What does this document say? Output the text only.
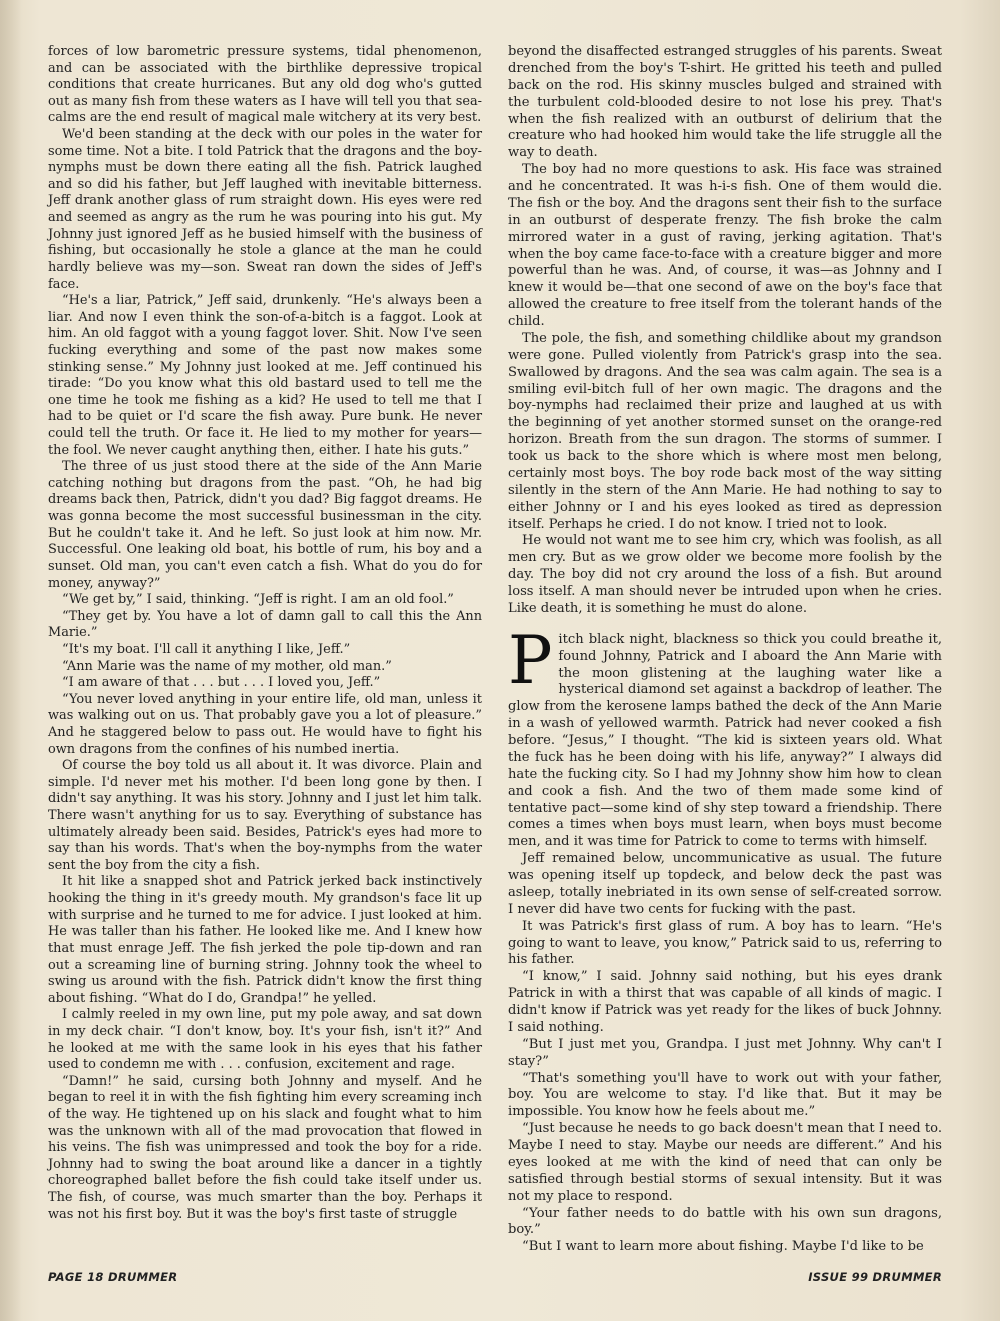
forces of low barometric pressure systems, tidal phenomenon, and can be associated with the birthlike depressive tropical conditions that create hurricanes. But any old dog who's gutted out as many fish from these waters as I have will tell you that sea-calms are the end result of magical male witchery at its very best.

We'd been standing at the deck with our poles in the water for some time. Not a bite. I told Patrick that the dragons and the boy-nymphs must be down there eating all the fish. Patrick laughed and so did his father, but Jeff laughed with inevitable bitterness. Jeff drank another glass of rum straight down. His eyes were red and seemed as angry as the rum he was pouring into his gut. My Johnny just ignored Jeff as he busied himself with the business of fishing, but occasionally he stole a glance at the man he could hardly believe was my—son. Sweat ran down the sides of Jeff's face.

“He's a liar, Patrick,” Jeff said, drunkenly. “He's always been a liar. And now I even think the son-of-a-bitch is a faggot. Look at him. An old faggot with a young faggot lover. Shit. Now I've seen fucking everything and some of the past now makes some stinking sense.” My Johnny just looked at me. Jeff continued his tirade: “Do you know what this old bastard used to tell me the one time he took me fishing as a kid? He used to tell me that I had to be quiet or I'd scare the fish away. Pure bunk. He never could tell the truth. Or face it. He lied to my mother for years—the fool. We never caught anything then, either. I hate his guts.”

The three of us just stood there at the side of the Ann Marie catching nothing but dragons from the past. “Oh, he had big dreams back then, Patrick, didn't you dad? Big faggot dreams. He was gonna become the most successful businessman in the city. But he couldn't take it. And he left. So just look at him now. Mr. Successful. One leaking old boat, his bottle of rum, his boy and a sunset. Old man, you can't even catch a fish. What do you do for money, anyway?”

“We get by,” I said, thinking. “Jeff is right. I am an old fool.”

“They get by. You have a lot of damn gall to call this the Ann Marie.”

“It's my boat. I'll call it anything I like, Jeff.”

“Ann Marie was the name of my mother, old man.”

“I am aware of that . . . but . . . I loved you, Jeff.”

“You never loved anything in your entire life, old man, unless it was walking out on us. That probably gave you a lot of pleasure.” And he staggered below to pass out. He would have to fight his own dragons from the confines of his numbed inertia.

Of course the boy told us all about it. It was divorce. Plain and simple. I'd never met his mother. I'd been long gone by then. I didn't say anything. It was his story. Johnny and I just let him talk. There wasn't anything for us to say. Everything of substance has ultimately already been said. Besides, Patrick's eyes had more to say than his words. That's when the boy-nymphs from the water sent the boy from the city a fish.

It hit like a snapped shot and Patrick jerked back instinctively hooking the thing in it's greedy mouth. My grandson's face lit up with surprise and he turned to me for advice. I just looked at him. He was taller than his father. He looked like me. And I knew how that must enrage Jeff. The fish jerked the pole tip-down and ran out a screaming line of burning string. Johnny took the wheel to swing us around with the fish. Patrick didn't know the first thing about fishing. “What do I do, Grandpa!” he yelled.

I calmly reeled in my own line, put my pole away, and sat down in my deck chair. “I don't know, boy. It's your fish, isn't it?” And he looked at me with the same look in his eyes that his father used to condemn me with . . . confusion, excitement and rage.

“Damn!” he said, cursing both Johnny and myself. And he began to reel it in with the fish fighting him every screaming inch of the way. He tightened up on his slack and fought what to him was the unknown with all of the mad provocation that flowed in his veins. The fish was unimpressed and took the boy for a ride. Johnny had to swing the boat around like a dancer in a tightly choreographed ballet before the fish could take itself under us. The fish, of course, was much smarter than the boy. Perhaps it was not his first boy. But it was the boy's first taste of struggle

beyond the disaffected estranged struggles of his parents. Sweat drenched from the boy's T-shirt. He gritted his teeth and pulled back on the rod. His skinny muscles bulged and strained with the turbulent cold-blooded desire to not lose his prey. That's when the fish realized with an outburst of delirium that the creature who had hooked him would take the life struggle all the way to death.

The boy had no more questions to ask. His face was strained and he concentrated. It was h-i-s fish. One of them would die. The fish or the boy. And the dragons sent their fish to the surface in an outburst of desperate frenzy. The fish broke the calm mirrored water in a gust of raving, jerking agitation. That's when the boy came face-to-face with a creature bigger and more powerful than he was. And, of course, it was—as Johnny and I knew it would be—that one second of awe on the boy's face that allowed the creature to free itself from the tolerant hands of the child.

The pole, the fish, and something childlike about my grandson were gone. Pulled violently from Patrick's grasp into the sea. Swallowed by dragons. And the sea was calm again. The sea is a smiling evil-bitch full of her own magic. The dragons and the boy-nymphs had reclaimed their prize and laughed at us with the beginning of yet another stormed sunset on the orange-red horizon. Breath from the sun dragon. The storms of summer. I took us back to the shore which is where most men belong, certainly most boys. The boy rode back most of the way sitting silently in the stern of the Ann Marie. He had nothing to say to either Johnny or I and his eyes looked as tired as depression itself. Perhaps he cried. I do not know. I tried not to look.

He would not want me to see him cry, which was foolish, as all men cry. But as we grow older we become more foolish by the day. The boy did not cry around the loss of a fish. But around loss itself. A man should never be intruded upon when he cries. Like death, it is something he must do alone.

Pitch black night, blackness so thick you could breathe it, found Johnny, Patrick and I aboard the Ann Marie with the moon glistening at the laughing water like a hysterical diamond set against a backdrop of leather. The glow from the kerosene lamps bathed the deck of the Ann Marie in a wash of yellowed warmth. Patrick had never cooked a fish before. “Jesus,” I thought. “The kid is sixteen years old. What the fuck has he been doing with his life, anyway?” I always did hate the fucking city. So I had my Johnny show him how to clean and cook a fish. And the two of them made some kind of tentative pact—some kind of shy step toward a friendship. There comes a times when boys must learn, when boys must become men, and it was time for Patrick to come to terms with himself.

Jeff remained below, uncommunicative as usual. The future was opening itself up topdeck, and below deck the past was asleep, totally inebriated in its own sense of self-created sorrow. I never did have two cents for fucking with the past.

It was Patrick's first glass of rum. A boy has to learn. “He's going to want to leave, you know,” Patrick said to us, referring to his father.

“I know,” I said. Johnny said nothing, but his eyes drank Patrick in with a thirst that was capable of all kinds of magic. I didn't know if Patrick was yet ready for the likes of buck Johnny. I said nothing.

“But I just met you, Grandpa. I just met Johnny. Why can't I stay?”

“That's something you'll have to work out with your father, boy. You are welcome to stay. I'd like that. But it may be impossible. You know how he feels about me.”

“Just because he needs to go back doesn't mean that I need to. Maybe I need to stay. Maybe our needs are different.” And his eyes looked at me with the kind of need that can only be satisfied through bestial storms of sexual intensity. But it was not my place to respond.

“Your father needs to do battle with his own sun dragons, boy.”

“But I want to learn more about fishing. Maybe I'd like to be

PAGE 18 DRUMMER	ISSUE 99 DRUMMER
